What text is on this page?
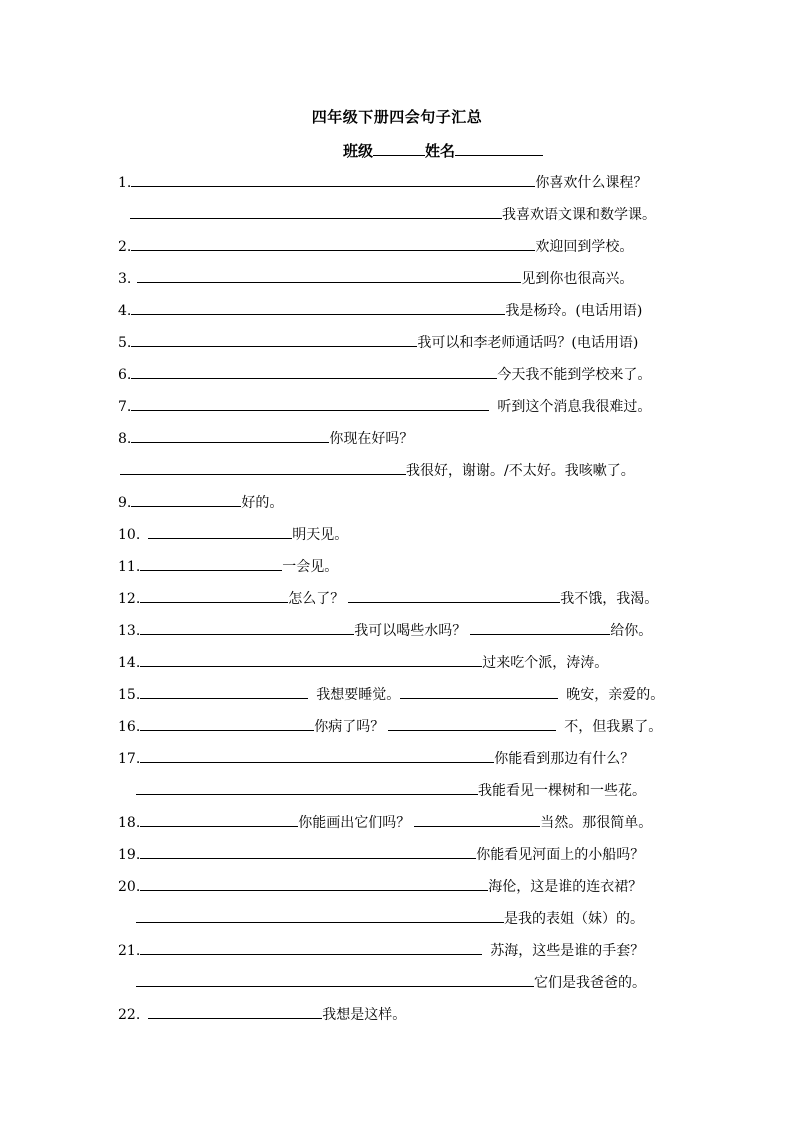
四年级下册四会句子汇总
班级	姓名
1.	你喜欢什么课程？
我喜欢语文课和数学课。
2.	欢迎回到学校。
3.	见到你也很高兴。
4.	我是杨玲。(电话用语)
5.	我可以和李老师通话吗？(电话用语)
6.	今天我不能到学校来了。
7.	听到这个消息我很难过。
8.	你现在好吗？
我很好，谢谢。/不太好。我咳嗽了。
9.	好的。
10.	明天见。
11.	一会见。
12.	怎么了？	我不饿，我渴。
13.	我可以喝些水吗？	给你。
14.	过来吃个派，涛涛。
15.	我想要睡觉。	晚安，亲爱的。
16.	你病了吗？	不，但我累了。
17.	你能看到那边有什么？
我能看见一棵树和一些花。
18.	你能画出它们吗？	当然。那很简单。
19.	你能看见河面上的小船吗？
20.	海伦，这是谁的连衣裙？
是我的表姐（妹）的。
21.	苏海，这些是谁的手套？
它们是我爸爸的。
22.	我想是这样。
